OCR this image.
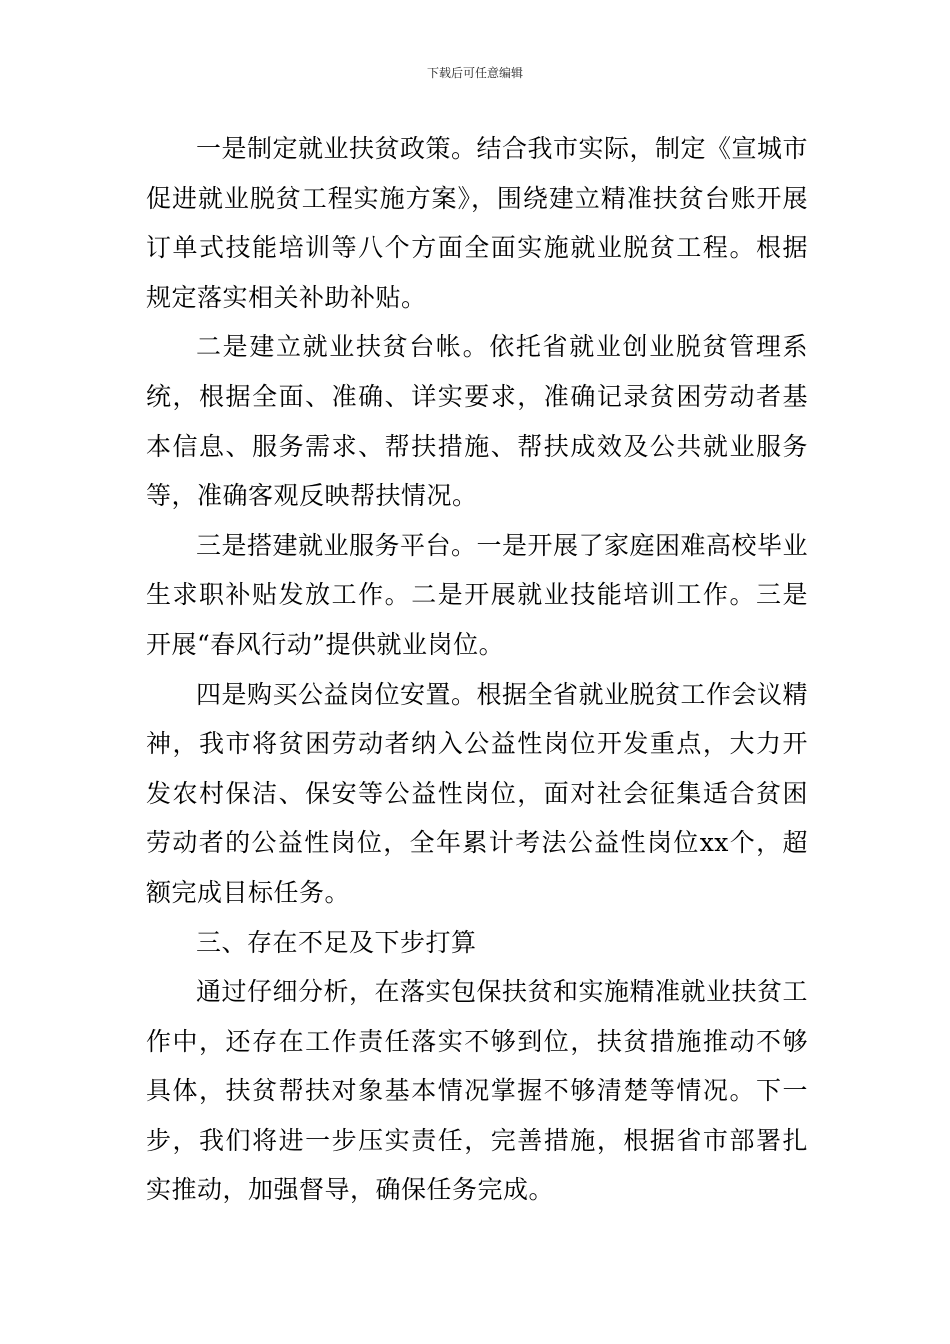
下载后可任意编辑

一是制定就业扶贫政策。结合我市实际，制定《宣城市促进就业脱贫工程实施方案》，围绕建立精准扶贫台账开展订单式技能培训等八个方面全面实施就业脱贫工程。根据规定落实相关补助补贴。

二是建立就业扶贫台帐。依托省就业创业脱贫管理系统，根据全面、准确、详实要求，准确记录贫困劳动者基本信息、服务需求、帮扶措施、帮扶成效及公共就业服务等，准确客观反映帮扶情况。

三是搭建就业服务平台。一是开展了家庭困难高校毕业生求职补贴发放工作。二是开展就业技能培训工作。三是开展“春风行动”提供就业岗位。

四是购买公益岗位安置。根据全省就业脱贫工作会议精神，我市将贫困劳动者纳入公益性岗位开发重点，大力开发农村保洁、保安等公益性岗位，面对社会征集适合贫困劳动者的公益性岗位，全年累计考法公益性岗位xx个，超额完成目标任务。

三、存在不足及下步打算

通过仔细分析，在落实包保扶贫和实施精准就业扶贫工作中，还存在工作责任落实不够到位，扶贫措施推动不够具体，扶贫帮扶对象基本情况掌握不够清楚等情况。下一步，我们将进一步压实责任，完善措施，根据省市部署扎实推动，加强督导，确保任务完成。
